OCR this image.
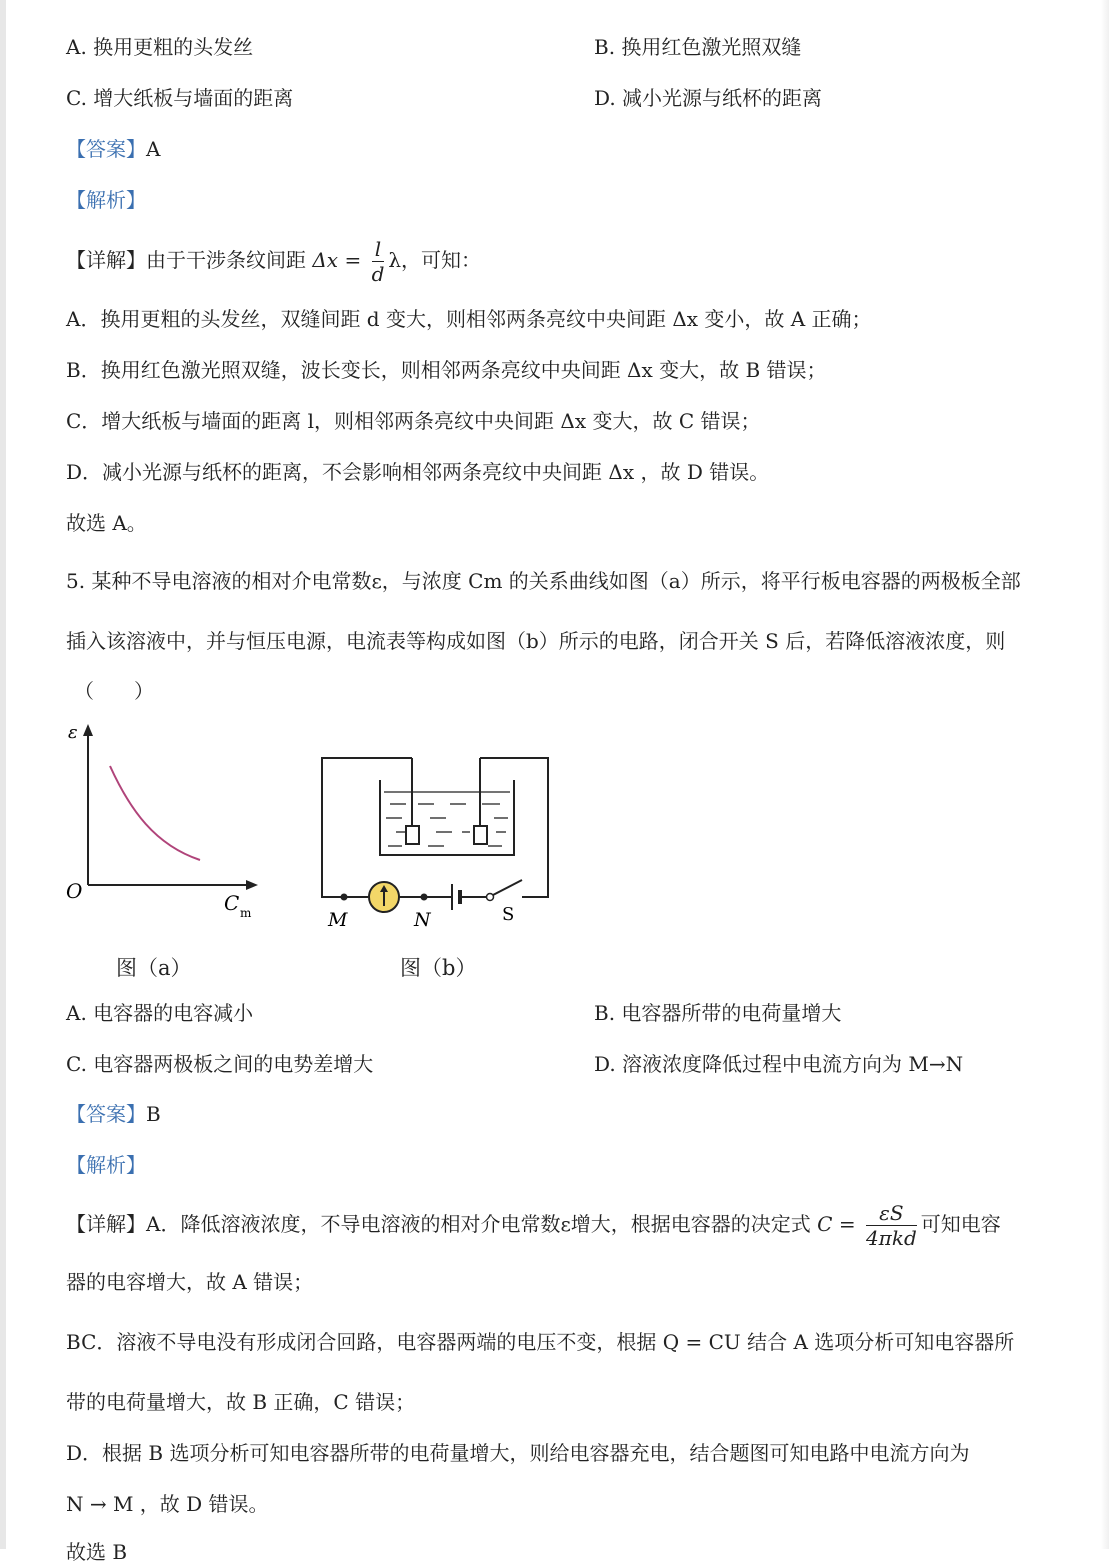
A. 换用更粗的头发丝	B. 换用红色激光照双缝
C. 增大纸板与墙面的距离	D. 减小光源与纸杯的距离
【答案】A
【解析】
【详解】由于干涉条纹间距 $\Delta x = \frac{l}{d}$ λ，可知：
A．换用更粗的头发丝，双缝间距 d 变大，则相邻两条亮纹中央间距 Δx 变小，故 A 正确；
B．换用红色激光照双缝，波长变长，则相邻两条亮纹中央间距 Δx 变大，故 B 错误；
C．增大纸板与墙面的距离 l，则相邻两条亮纹中央间距 Δx 变大，故 C 错误；
D．减小光源与纸杯的距离，不会影响相邻两条亮纹中央间距 Δx ，故 D 错误。
故选 A。
5. 某种不导电溶液的相对介电常数ε，与浓度 Cm 的关系曲线如图（a）所示，将平行板电容器的两极板全部
插入该溶液中，并与恒压电源，电流表等构成如图（b）所示的电路，闭合开关 S 后，若降低溶液浓度，则
（　　）
ε
O	C m
图（a）
M	N	S
图（b）
A. 电容器的电容减小	B. 电容器所带的电荷量增大
C. 电容器两极板之间的电势差增大	D. 溶液浓度降低过程中电流方向为 M→N
【答案】B
【解析】
【详解】A．降低溶液浓度，不导电溶液的相对介电常数ε增大，根据电容器的决定式 $C = \frac{\varepsilon S}{\text{4πkd}}$ 可知电容
器的电容增大，故 A 错误；
BC．溶液不导电没有形成闭合回路，电容器两端的电压不变，根据 Q = CU 结合 A 选项分析可知电容器所
带的电荷量增大，故 B 正确，C 错误；
D．根据 B 选项分析可知电容器所带的电荷量增大，则给电容器充电，结合题图可知电路中电流方向为
N → M ，故 D 错误。
故选 B
